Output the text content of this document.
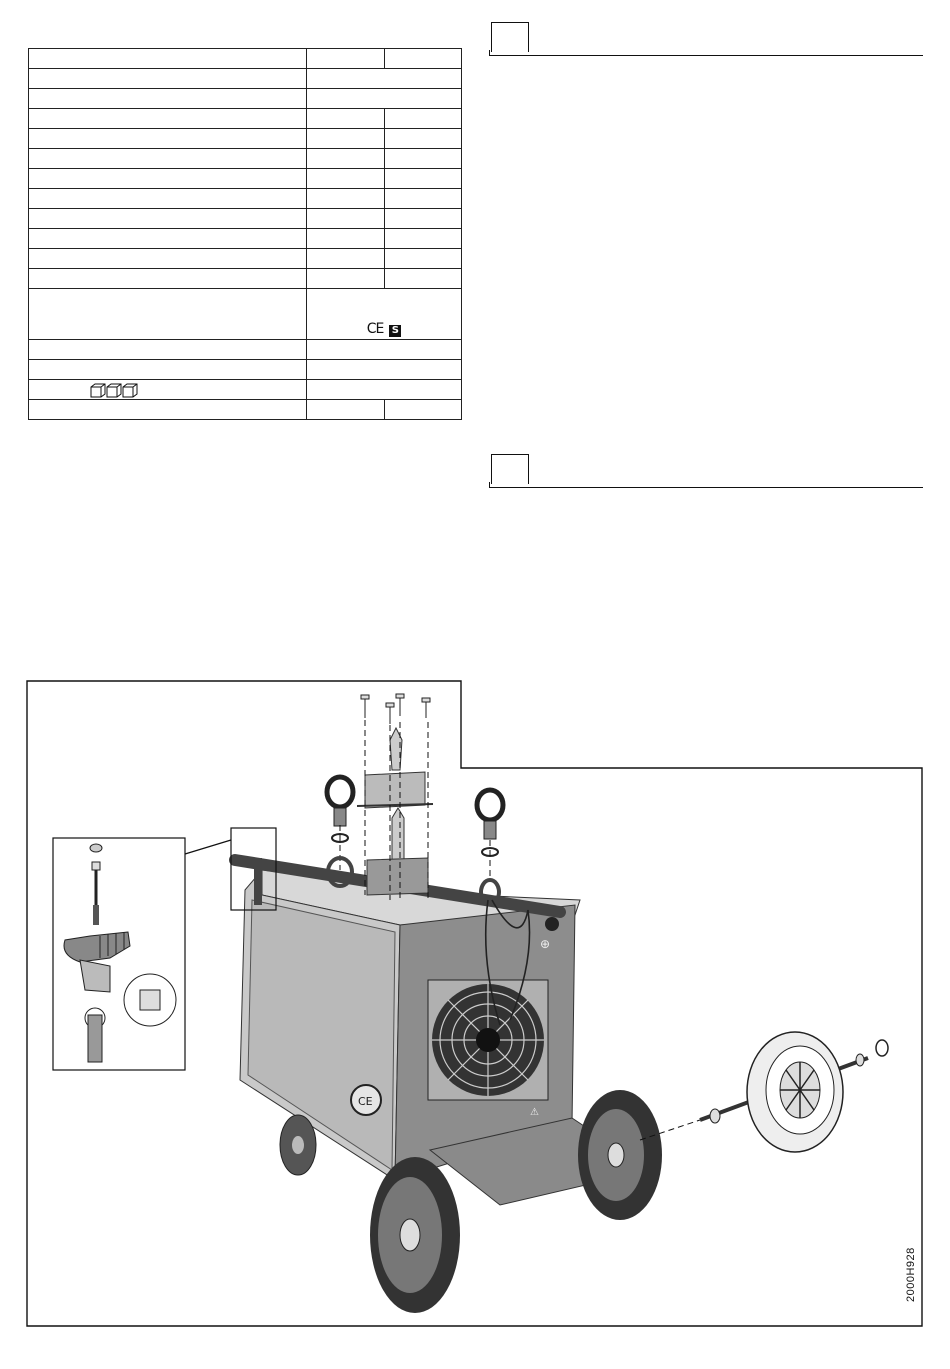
	CE S	

CE
⊕
⚠
2000H928
